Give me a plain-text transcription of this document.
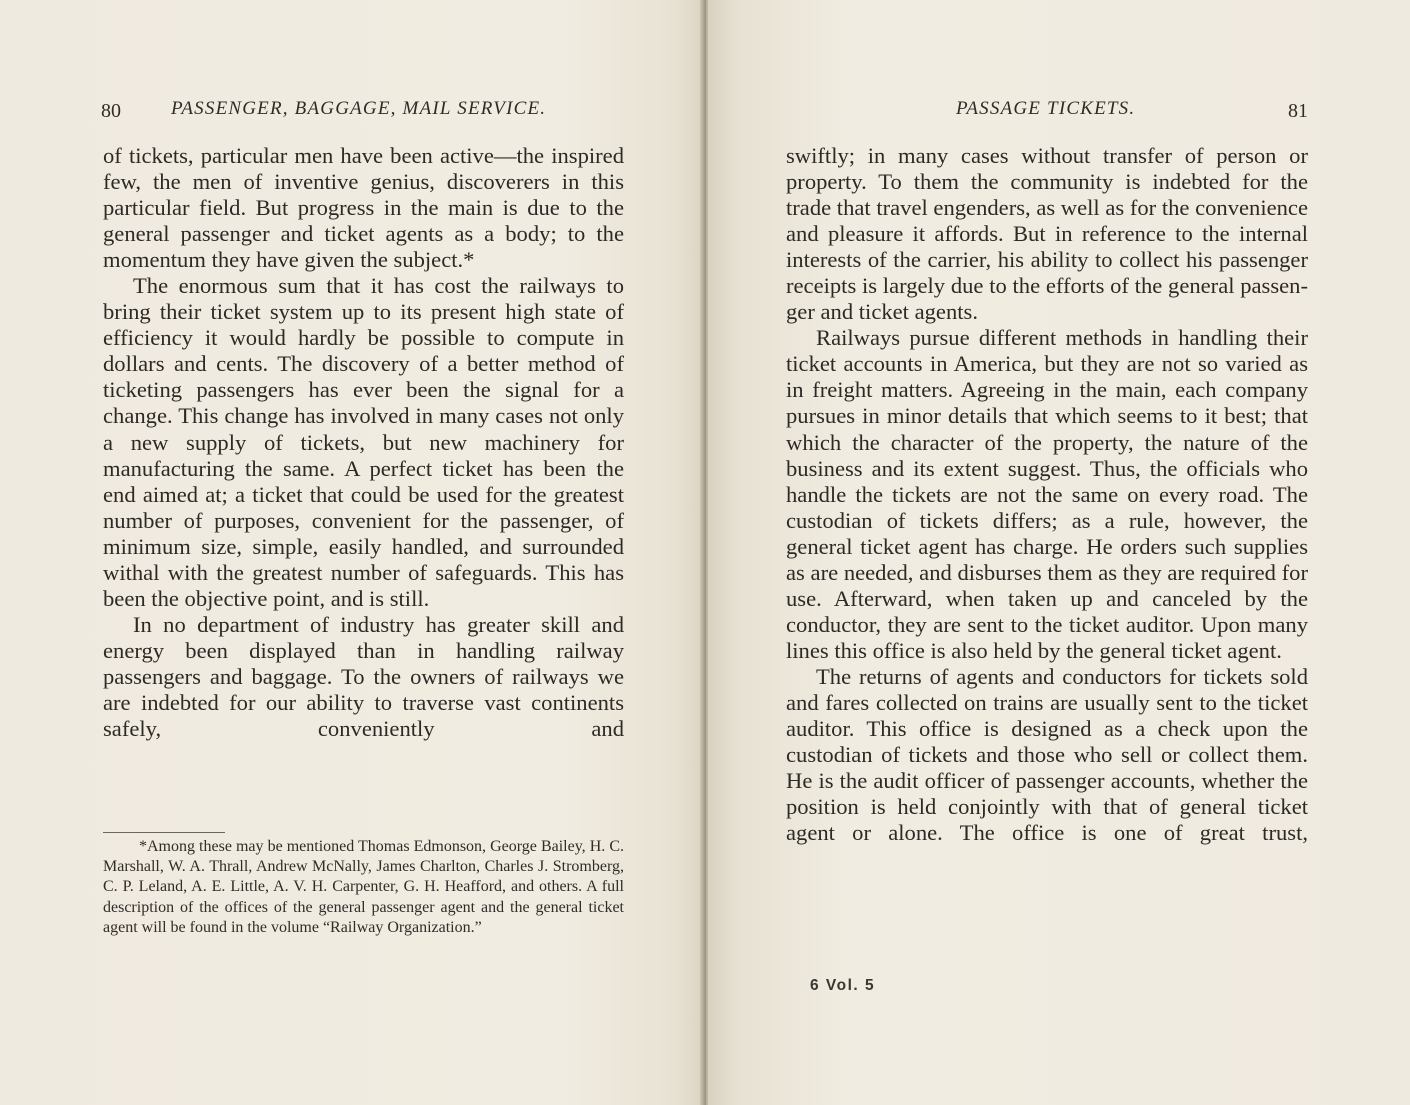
80	PASSENGER, BAGGAGE, MAIL SERVICE.

of tickets, particular men have been active—the inspired few, the men of inventive genius, discoverers in this particular field. But progress in the main is due to the general passenger and ticket agents as a body; to the momentum they have given the subject.*

The enormous sum that it has cost the railways to bring their ticket system up to its present high state of efficiency it would hardly be possible to compute in dollars and cents. The discovery of a better method of ticketing passengers has ever been the signal for a change. This change has involved in many cases not only a new supply of tickets, but new machinery for manufacturing the same. A perfect ticket has been the end aimed at; a ticket that could be used for the greatest number of purposes, convenient for the passenger, of minimum size, simple, easily handled, and surrounded withal with the greatest number of safeguards. This has been the objective point, and is still.

In no department of industry has greater skill and energy been displayed than in handling railway passengers and baggage. To the owners of railways we are indebted for our ability to traverse vast continents safely, conveniently and

*Among these may be mentioned Thomas Edmonson, George Bailey, H. C. Marshall, W. A. Thrall, Andrew McNally, James Charlton, Charles J. Stromberg, C. P. Leland, A. E. Little, A. V. H. Carpenter, G. H. Heafford, and others. A full description of the offices of the general passenger agent and the general ticket agent will be found in the volume “Railway Organization.”
PASSAGE TICKETS.	81

swiftly; in many cases without transfer of person or property. To them the community is indebted for the trade that travel engenders, as well as for the convenience and pleasure it affords. But in reference to the internal interests of the carrier, his ability to collect his passenger receipts is largely due to the efforts of the general passenger and ticket agents.

Railways pursue different methods in handling their ticket accounts in America, but they are not so varied as in freight matters. Agreeing in the main, each company pursues in minor details that which seems to it best; that which the character of the property, the nature of the business and its extent suggest. Thus, the officials who handle the tickets are not the same on every road. The custodian of tickets differs; as a rule, however, the general ticket agent has charge. He orders such supplies as are needed, and disburses them as they are required for use. Afterward, when taken up and canceled by the conductor, they are sent to the ticket auditor. Upon many lines this office is also held by the general ticket agent.

The returns of agents and conductors for tickets sold and fares collected on trains are usually sent to the ticket auditor. This office is designed as a check upon the custodian of tickets and those who sell or collect them. He is the audit officer of passenger accounts, whether the position is held conjointly with that of general ticket agent or alone. The office is one of great trust,

6 Vol. 5
